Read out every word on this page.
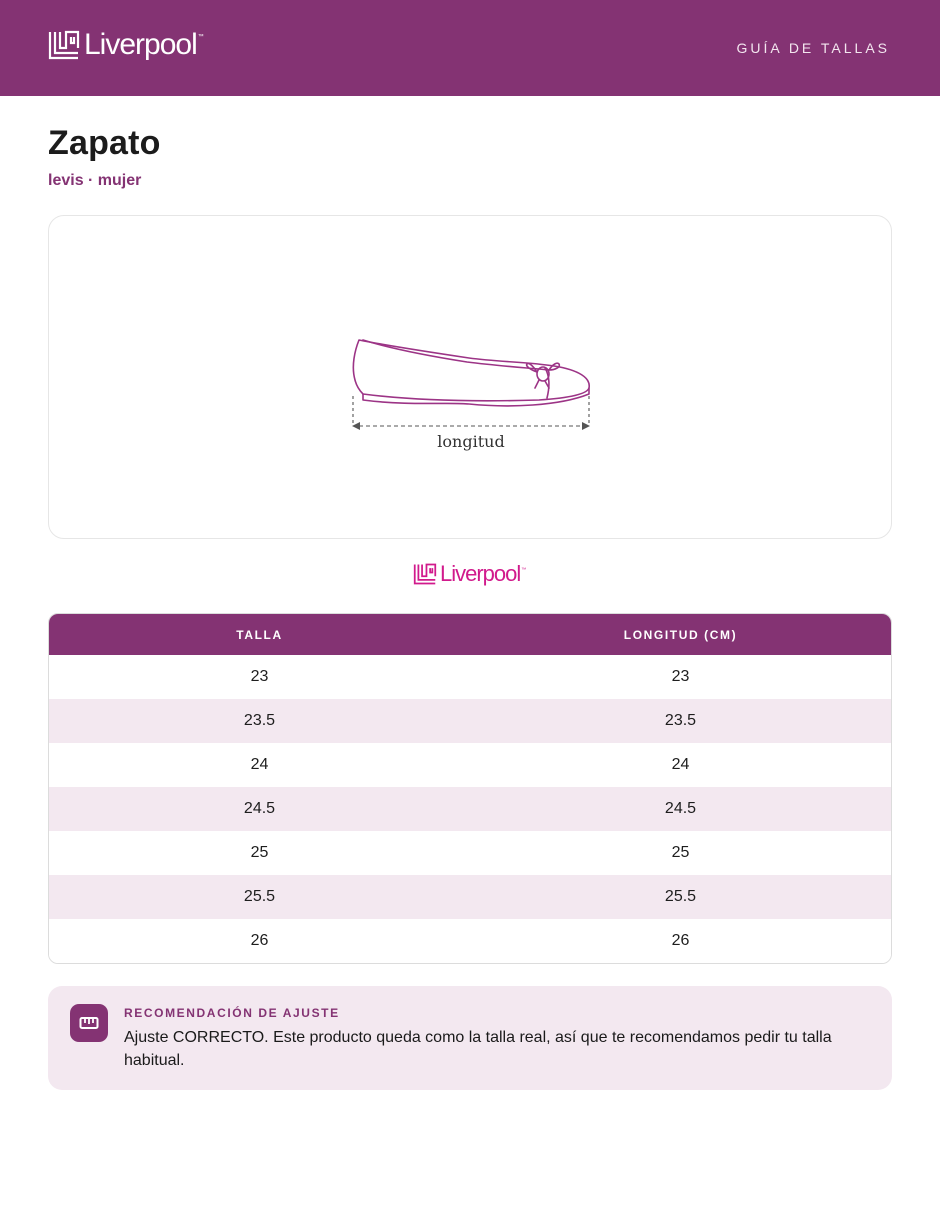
Liverpool ™
GUÍA DE TALLAS
Zapato
levis · mujer
longitud
Liverpool ™
TALLA	LONGITUD (CM)
23	23
23.5	23.5
24	24
24.5	24.5
25	25
25.5	25.5
26	26
RECOMENDACIÓN DE AJUSTE

Ajuste CORRECTO. Este producto queda como la talla real, así que te recomendamos pedir tu talla habitual.
